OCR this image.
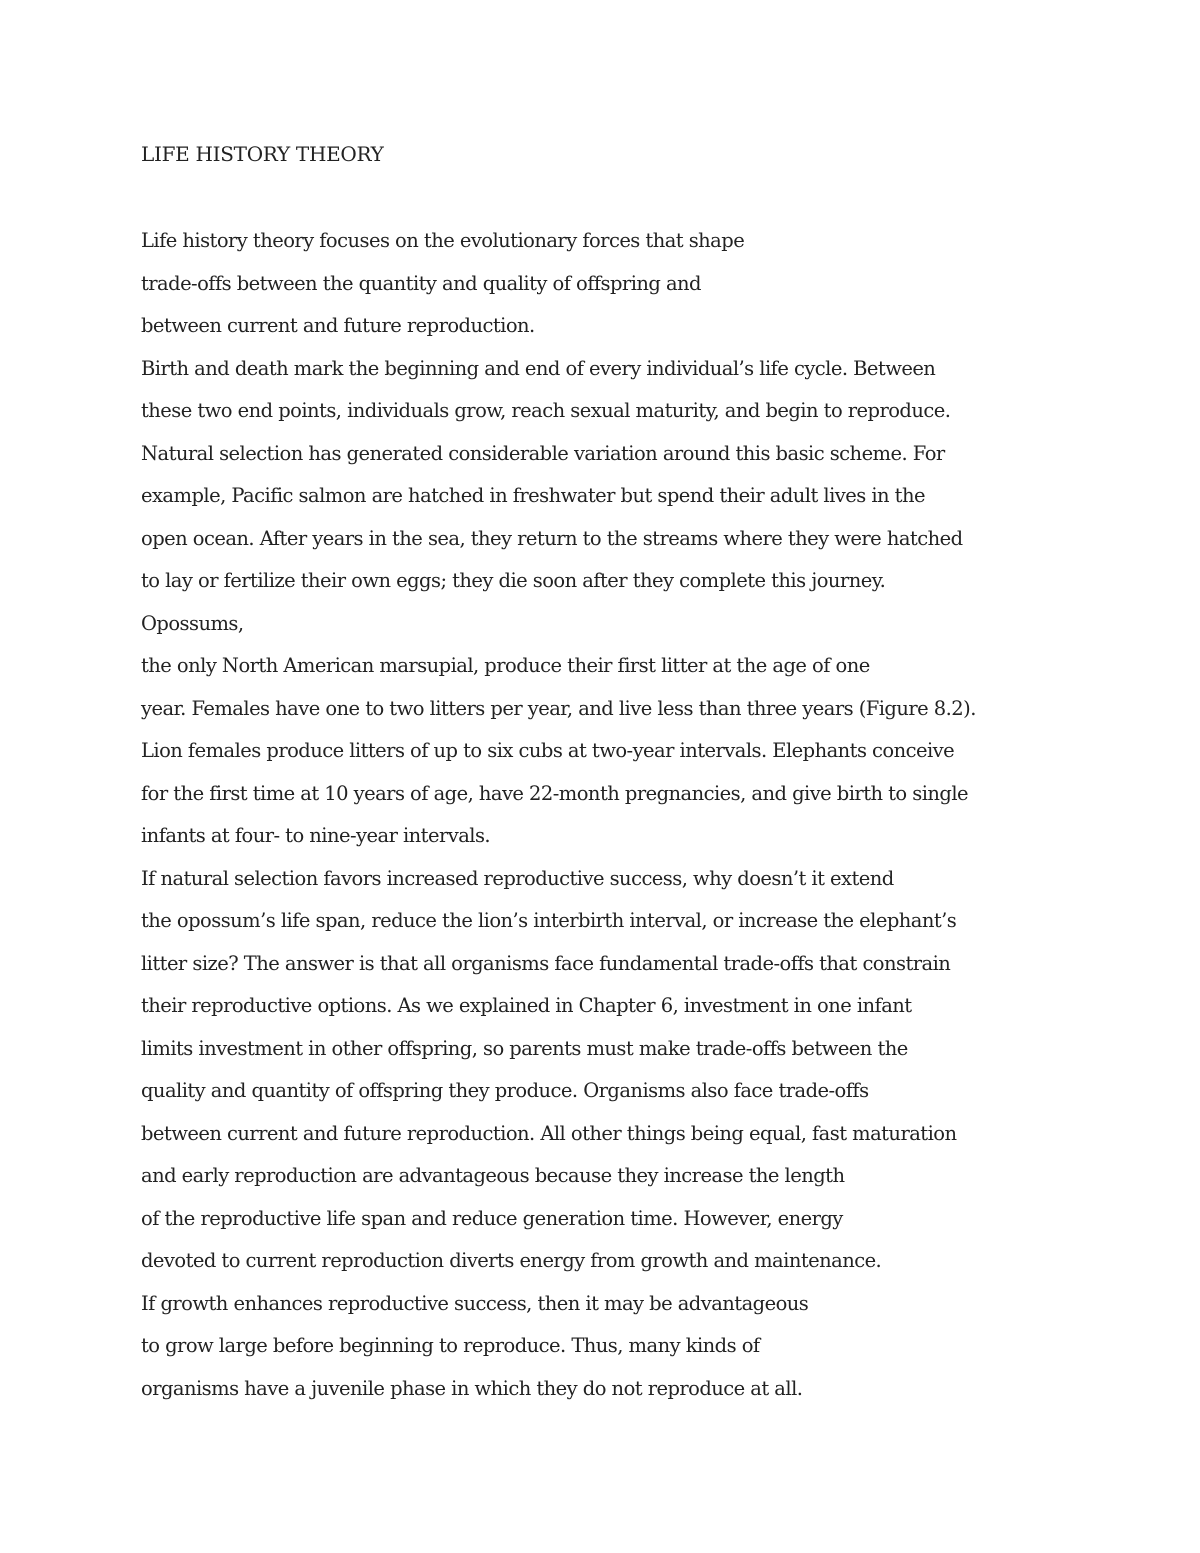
LIFE HISTORY THEORY
Life history theory focuses on the evolutionary forces that shape
trade-offs between the quantity and quality of offspring and
between current and future reproduction.
Birth and death mark the beginning and end of every individual’s life cycle. Between
these two end points, individuals grow, reach sexual maturity, and begin to reproduce.
Natural selection has generated considerable variation around this basic scheme. For
example, Pacific salmon are hatched in freshwater but spend their adult lives in the
open ocean. After years in the sea, they return to the streams where they were hatched
to lay or fertilize their own eggs; they die soon after they complete this journey.
Opossums,
the only North American marsupial, produce their first litter at the age of one
year. Females have one to two litters per year, and live less than three years (Figure 8.2).
Lion females produce litters of up to six cubs at two-year intervals. Elephants conceive
for the first time at 10 years of age, have 22-month pregnancies, and give birth to single
infants at four- to nine-year intervals.
If natural selection favors increased reproductive success, why doesn’t it extend
the opossum’s life span, reduce the lion’s interbirth interval, or increase the elephant’s
litter size? The answer is that all organisms face fundamental trade-offs that constrain
their reproductive options. As we explained in Chapter 6, investment in one infant
limits investment in other offspring, so parents must make trade-offs between the
quality and quantity of offspring they produce. Organisms also face trade-offs
between current and future reproduction. All other things being equal, fast maturation
and early reproduction are advantageous because they increase the length
of the reproductive life span and reduce generation time. However, energy
devoted to current reproduction diverts energy from growth and maintenance.
If growth enhances reproductive success, then it may be advantageous
to grow large before beginning to reproduce. Thus, many kinds of
organisms have a juvenile phase in which they do not reproduce at all.
